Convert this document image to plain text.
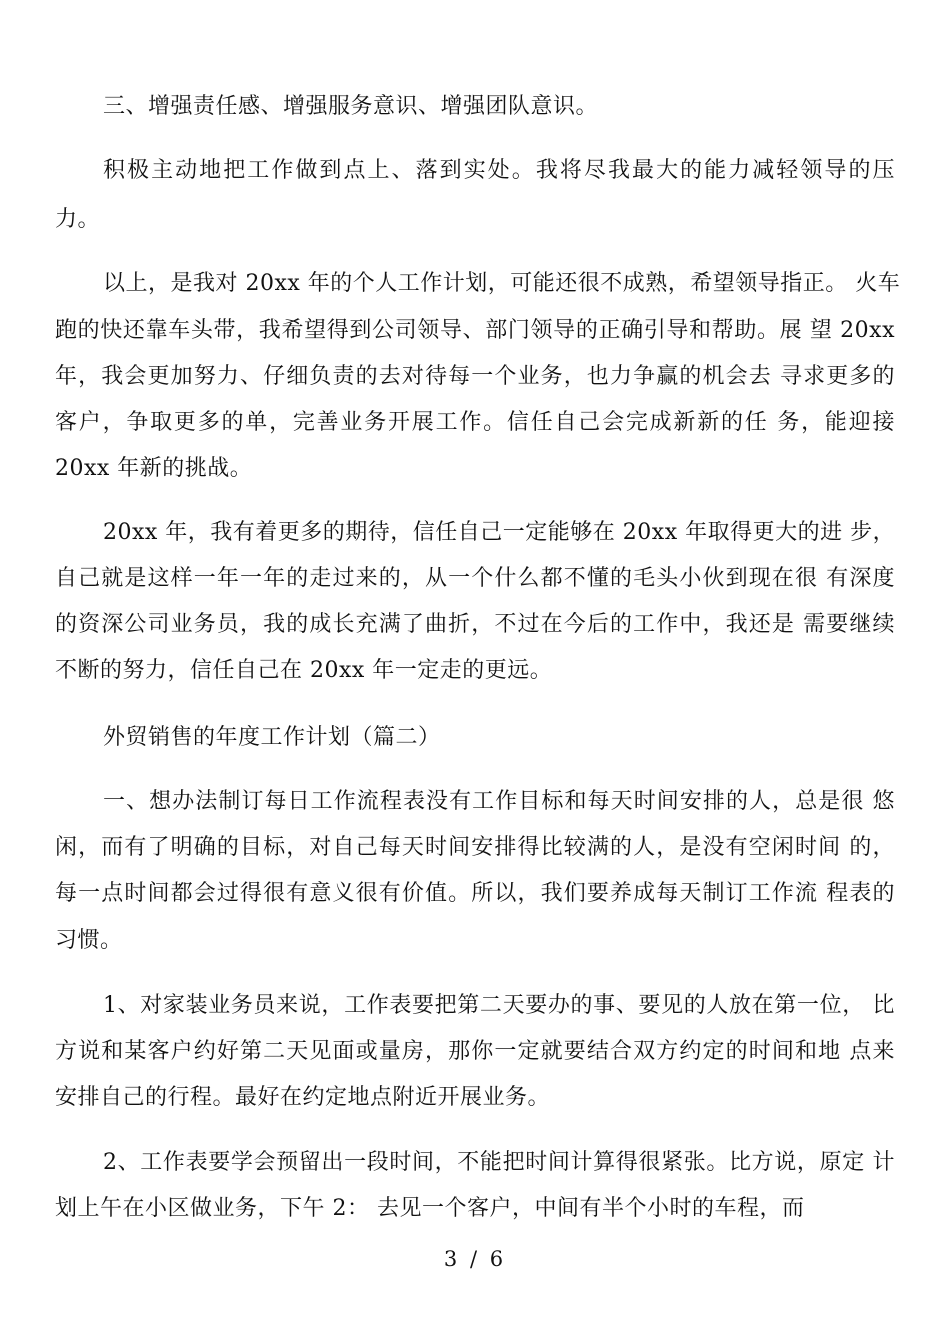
三、增强责任感、增强服务意识、增强团队意识。
积极主动地把工作做到点上、落到实处。我将尽我最大的能力减轻领导的压
力。
以上，是我对 20xx 年的个人工作计划，可能还很不成熟，希望领导指正。 火车
跑的快还靠车头带，我希望得到公司领导、部门领导的正确引导和帮助。展 望 20xx
年，我会更加努力、仔细负责的去对待每一个业务，也力争赢的机会去 寻求更多的
客户，争取更多的单，完善业务开展工作。信任自己会完成新新的任 务，能迎接
20xx 年新的挑战。
20xx 年，我有着更多的期待，信任自己一定能够在 20xx 年取得更大的进 步，
自己就是这样一年一年的走过来的，从一个什么都不懂的毛头小伙到现在很 有深度
的资深公司业务员，我的成长充满了曲折，不过在今后的工作中，我还是 需要继续
不断的努力，信任自己在 20xx 年一定走的更远。
外贸销售的年度工作计划（篇二）
一、想办法制订每日工作流程表没有工作目标和每天时间安排的人，总是很 悠
闲，而有了明确的目标，对自己每天时间安排得比较满的人，是没有空闲时间 的，
每一点时间都会过得很有意义很有价值。所以，我们要养成每天制订工作流 程表的
习惯。
1、对家装业务员来说，工作表要把第二天要办的事、要见的人放在第一位， 比
方说和某客户约好第二天见面或量房，那你一定就要结合双方约定的时间和地 点来
安排自己的行程。最好在约定地点附近开展业务。
2、工作表要学会预留出一段时间，不能把时间计算得很紧张。比方说，原定 计
划上午在小区做业务，下午 2： 去见一个客户，中间有半个小时的车程，而
3 / 6
